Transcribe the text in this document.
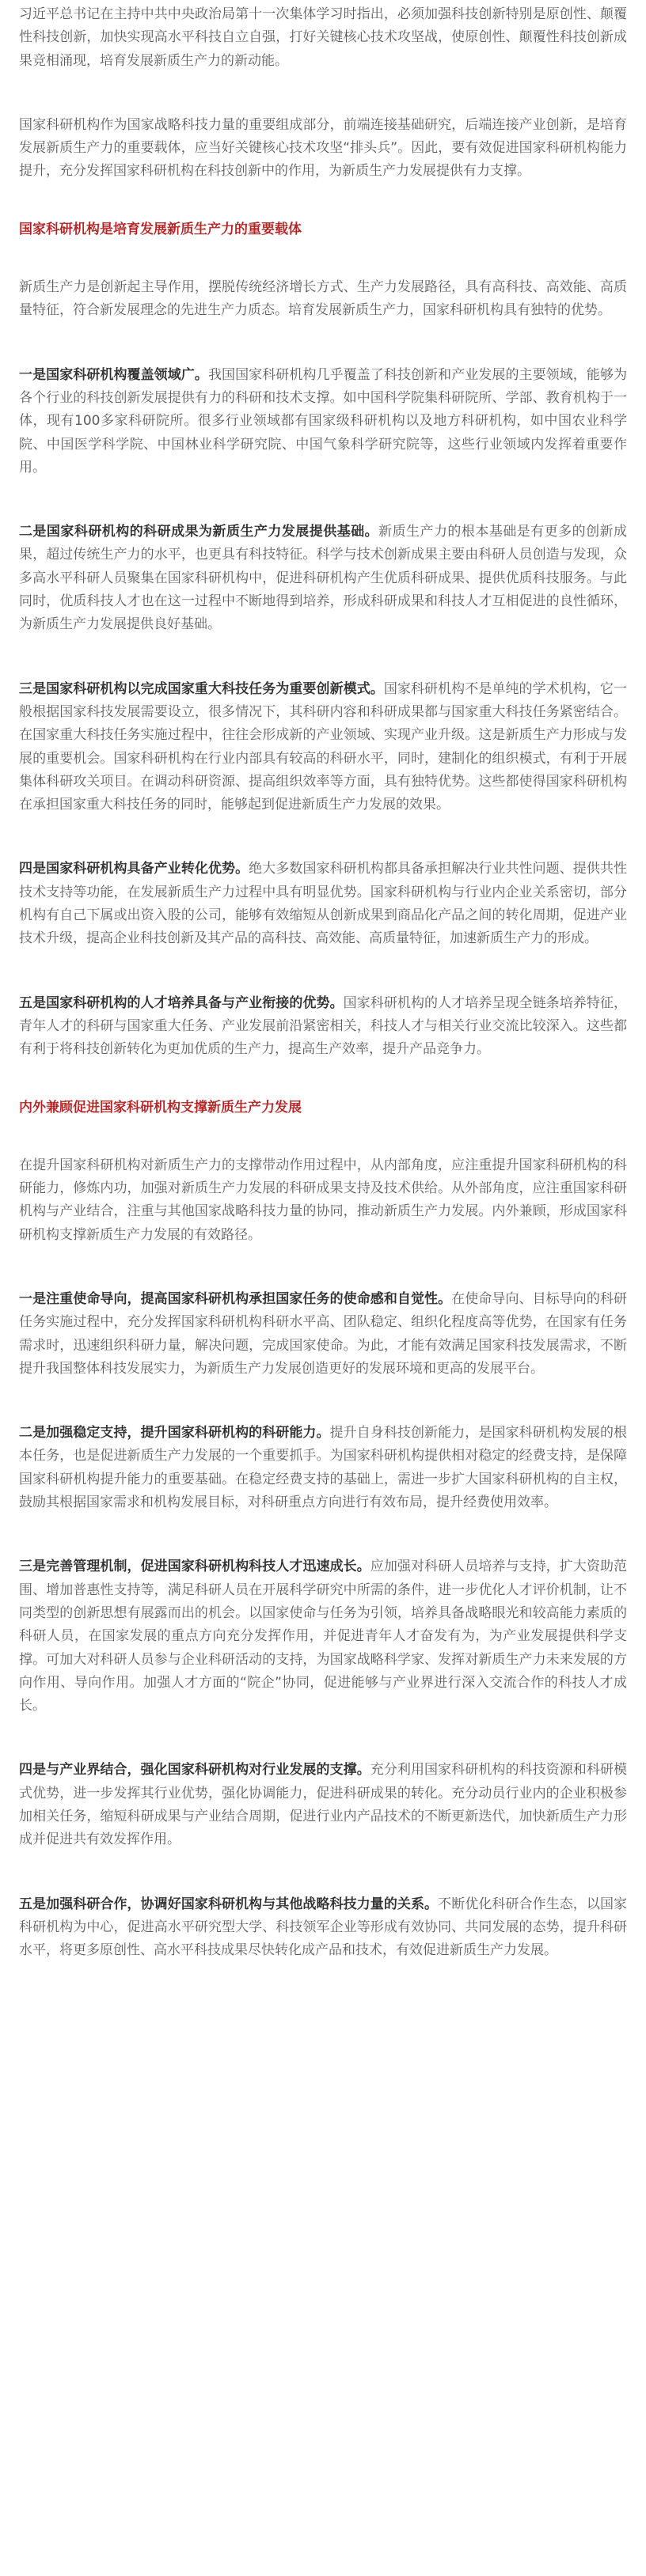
习近平总书记在主持中共中央政治局第十一次集体学习时指出，必须加强科技创新特别是原创性、颠覆性科技创新，加快实现高水平科技自立自强，打好关键核心技术攻坚战，使原创性、颠覆性科技创新成果竞相涌现，培育发展新质生产力的新动能。

国家科研机构作为国家战略科技力量的重要组成部分，前端连接基础研究，后端连接产业创新，是培育发展新质生产力的重要载体，应当好关键核心技术攻坚“排头兵”。因此，要有效促进国家科研机构能力提升，充分发挥国家科研机构在科技创新中的作用，为新质生产力发展提供有力支撑。

国家科研机构是培育发展新质生产力的重要载体

新质生产力是创新起主导作用，摆脱传统经济增长方式、生产力发展路径，具有高科技、高效能、高质量特征，符合新发展理念的先进生产力质态。培育发展新质生产力，国家科研机构具有独特的优势。

一是国家科研机构覆盖领域广。我国国家科研机构几乎覆盖了科技创新和产业发展的主要领域，能够为各个行业的科技创新发展提供有力的科研和技术支撑。如中国科学院集科研院所、学部、教育机构于一体，现有100多家科研院所。很多行业领域都有国家级科研机构以及地方科研机构，如中国农业科学院、中国医学科学院、中国林业科学研究院、中国气象科学研究院等，这些行业领域内发挥着重要作用。

二是国家科研机构的科研成果为新质生产力发展提供基础。新质生产力的根本基础是有更多的创新成果，超过传统生产力的水平，也更具有科技特征。科学与技术创新成果主要由科研人员创造与发现，众多高水平科研人员聚集在国家科研机构中，促进科研机构产生优质科研成果、提供优质科技服务。与此同时，优质科技人才也在这一过程中不断地得到培养，形成科研成果和科技人才互相促进的良性循环，为新质生产力发展提供良好基础。

三是国家科研机构以完成国家重大科技任务为重要创新模式。国家科研机构不是单纯的学术机构，它一般根据国家科技发展需要设立，很多情况下，其科研内容和科研成果都与国家重大科技任务紧密结合。在国家重大科技任务实施过程中，往往会形成新的产业领域、实现产业升级。这是新质生产力形成与发展的重要机会。国家科研机构在行业内部具有较高的科研水平，同时，建制化的组织模式，有利于开展集体科研攻关项目。在调动科研资源、提高组织效率等方面，具有独特优势。这些都使得国家科研机构在承担国家重大科技任务的同时，能够起到促进新质生产力发展的效果。

四是国家科研机构具备产业转化优势。绝大多数国家科研机构都具备承担解决行业共性问题、提供共性技术支持等功能，在发展新质生产力过程中具有明显优势。国家科研机构与行业内企业关系密切，部分机构有自己下属或出资入股的公司，能够有效缩短从创新成果到商品化产品之间的转化周期，促进产业技术升级，提高企业科技创新及其产品的高科技、高效能、高质量特征，加速新质生产力的形成。

五是国家科研机构的人才培养具备与产业衔接的优势。国家科研机构的人才培养呈现全链条培养特征，青年人才的科研与国家重大任务、产业发展前沿紧密相关，科技人才与相关行业交流比较深入。这些都有利于将科技创新转化为更加优质的生产力，提高生产效率，提升产品竞争力。

内外兼顾促进国家科研机构支撑新质生产力发展

在提升国家科研机构对新质生产力的支撑带动作用过程中，从内部角度，应注重提升国家科研机构的科研能力，修炼内功，加强对新质生产力发展的科研成果支持及技术供给。从外部角度，应注重国家科研机构与产业结合，注重与其他国家战略科技力量的协同，推动新质生产力发展。内外兼顾，形成国家科研机构支撑新质生产力发展的有效路径。

一是注重使命导向，提高国家科研机构承担国家任务的使命感和自觉性。在使命导向、目标导向的科研任务实施过程中，充分发挥国家科研机构科研水平高、团队稳定、组织化程度高等优势，在国家有任务需求时，迅速组织科研力量，解决问题，完成国家使命。为此，才能有效满足国家科技发展需求，不断提升我国整体科技发展实力，为新质生产力发展创造更好的发展环境和更高的发展平台。

二是加强稳定支持，提升国家科研机构的科研能力。提升自身科技创新能力，是国家科研机构发展的根本任务，也是促进新质生产力发展的一个重要抓手。为国家科研机构提供相对稳定的经费支持，是保障国家科研机构提升能力的重要基础。在稳定经费支持的基础上，需进一步扩大国家科研机构的自主权，鼓励其根据国家需求和机构发展目标，对科研重点方向进行有效布局，提升经费使用效率。

三是完善管理机制，促进国家科研机构科技人才迅速成长。应加强对科研人员培养与支持，扩大资助范围、增加普惠性支持等，满足科研人员在开展科学研究中所需的条件，进一步优化人才评价机制，让不同类型的创新思想有展露而出的机会。以国家使命与任务为引领，培养具备战略眼光和较高能力素质的科研人员，在国家发展的重点方向充分发挥作用，并促进青年人才奋发有为，为产业发展提供科学支撑。可加大对科研人员参与企业科研活动的支持，为国家战略科学家、发挥对新质生产力未来发展的方向作用、导向作用。加强人才方面的“院企”协同，促进能够与产业界进行深入交流合作的科技人才成长。

四是与产业界结合，强化国家科研机构对行业发展的支撑。充分利用国家科研机构的科技资源和科研模式优势，进一步发挥其行业优势，强化协调能力，促进科研成果的转化。充分动员行业内的企业积极参加相关任务，缩短科研成果与产业结合周期，促进行业内产品技术的不断更新迭代，加快新质生产力形成并促进共有效发挥作用。

五是加强科研合作，协调好国家科研机构与其他战略科技力量的关系。不断优化科研合作生态，以国家科研机构为中心，促进高水平研究型大学、科技领军企业等形成有效协同、共同发展的态势，提升科研水平，将更多原创性、高水平科技成果尽快转化成产品和技术，有效促进新质生产力发展。
